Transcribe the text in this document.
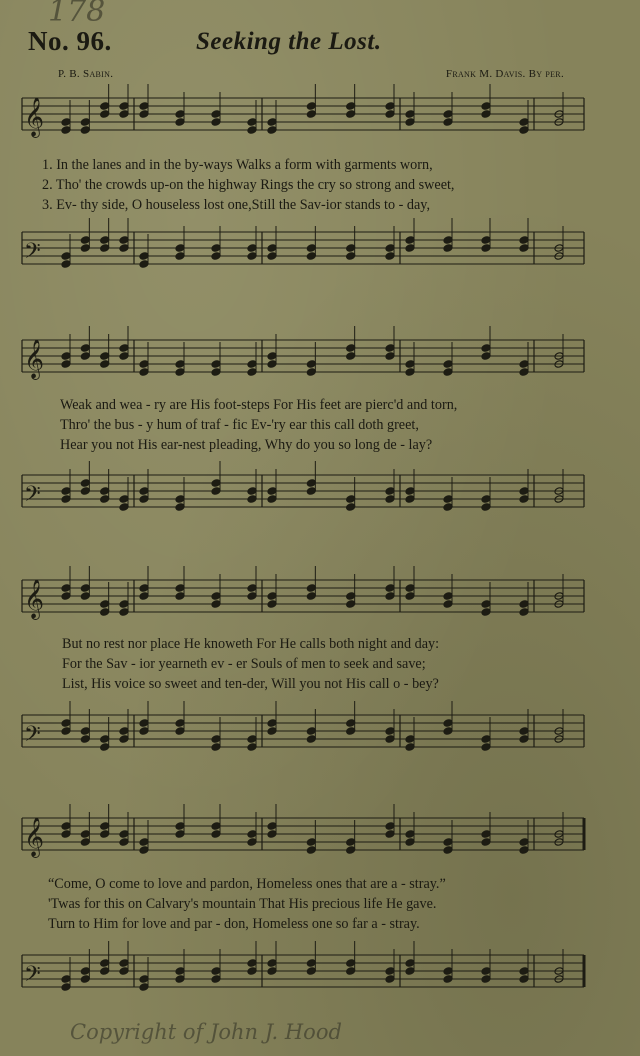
178
No. 96.	Seeking the Lost.
P. B. Sabin.	Frank M. Davis. By per.
𝄞
1. In the lanes and in the by-ways Walks a form with garments worn,
2. Tho' the crowds up-on the highway Rings the cry so strong and sweet,
3. Ev- thy side, O houseless lost one,Still the Sav-ior stands to - day,
𝄢
𝄞
Weak and wea - ry are His foot-steps For His feet are pierc'd and torn,
Thro' the bus - y hum of traf - fic Ev-'ry ear this call doth greet,
Hear you not His ear-nest pleading, Why do you so long de - lay?
𝄢
𝄞
But no rest nor place He knoweth For He calls both night and day:
For the Sav - ior yearneth ev - er Souls of men to seek and save;
List, His voice so sweet and ten-der, Will you not His call o - bey?
𝄢
𝄞
“Come, O come to love and pardon, Homeless ones that are a - stray.”
'Twas for this on Calvary's mountain That His precious life He gave.
Turn to Him for love and par - don, Homeless one so far a - stray.
𝄢
Copyright of John J. Hood
